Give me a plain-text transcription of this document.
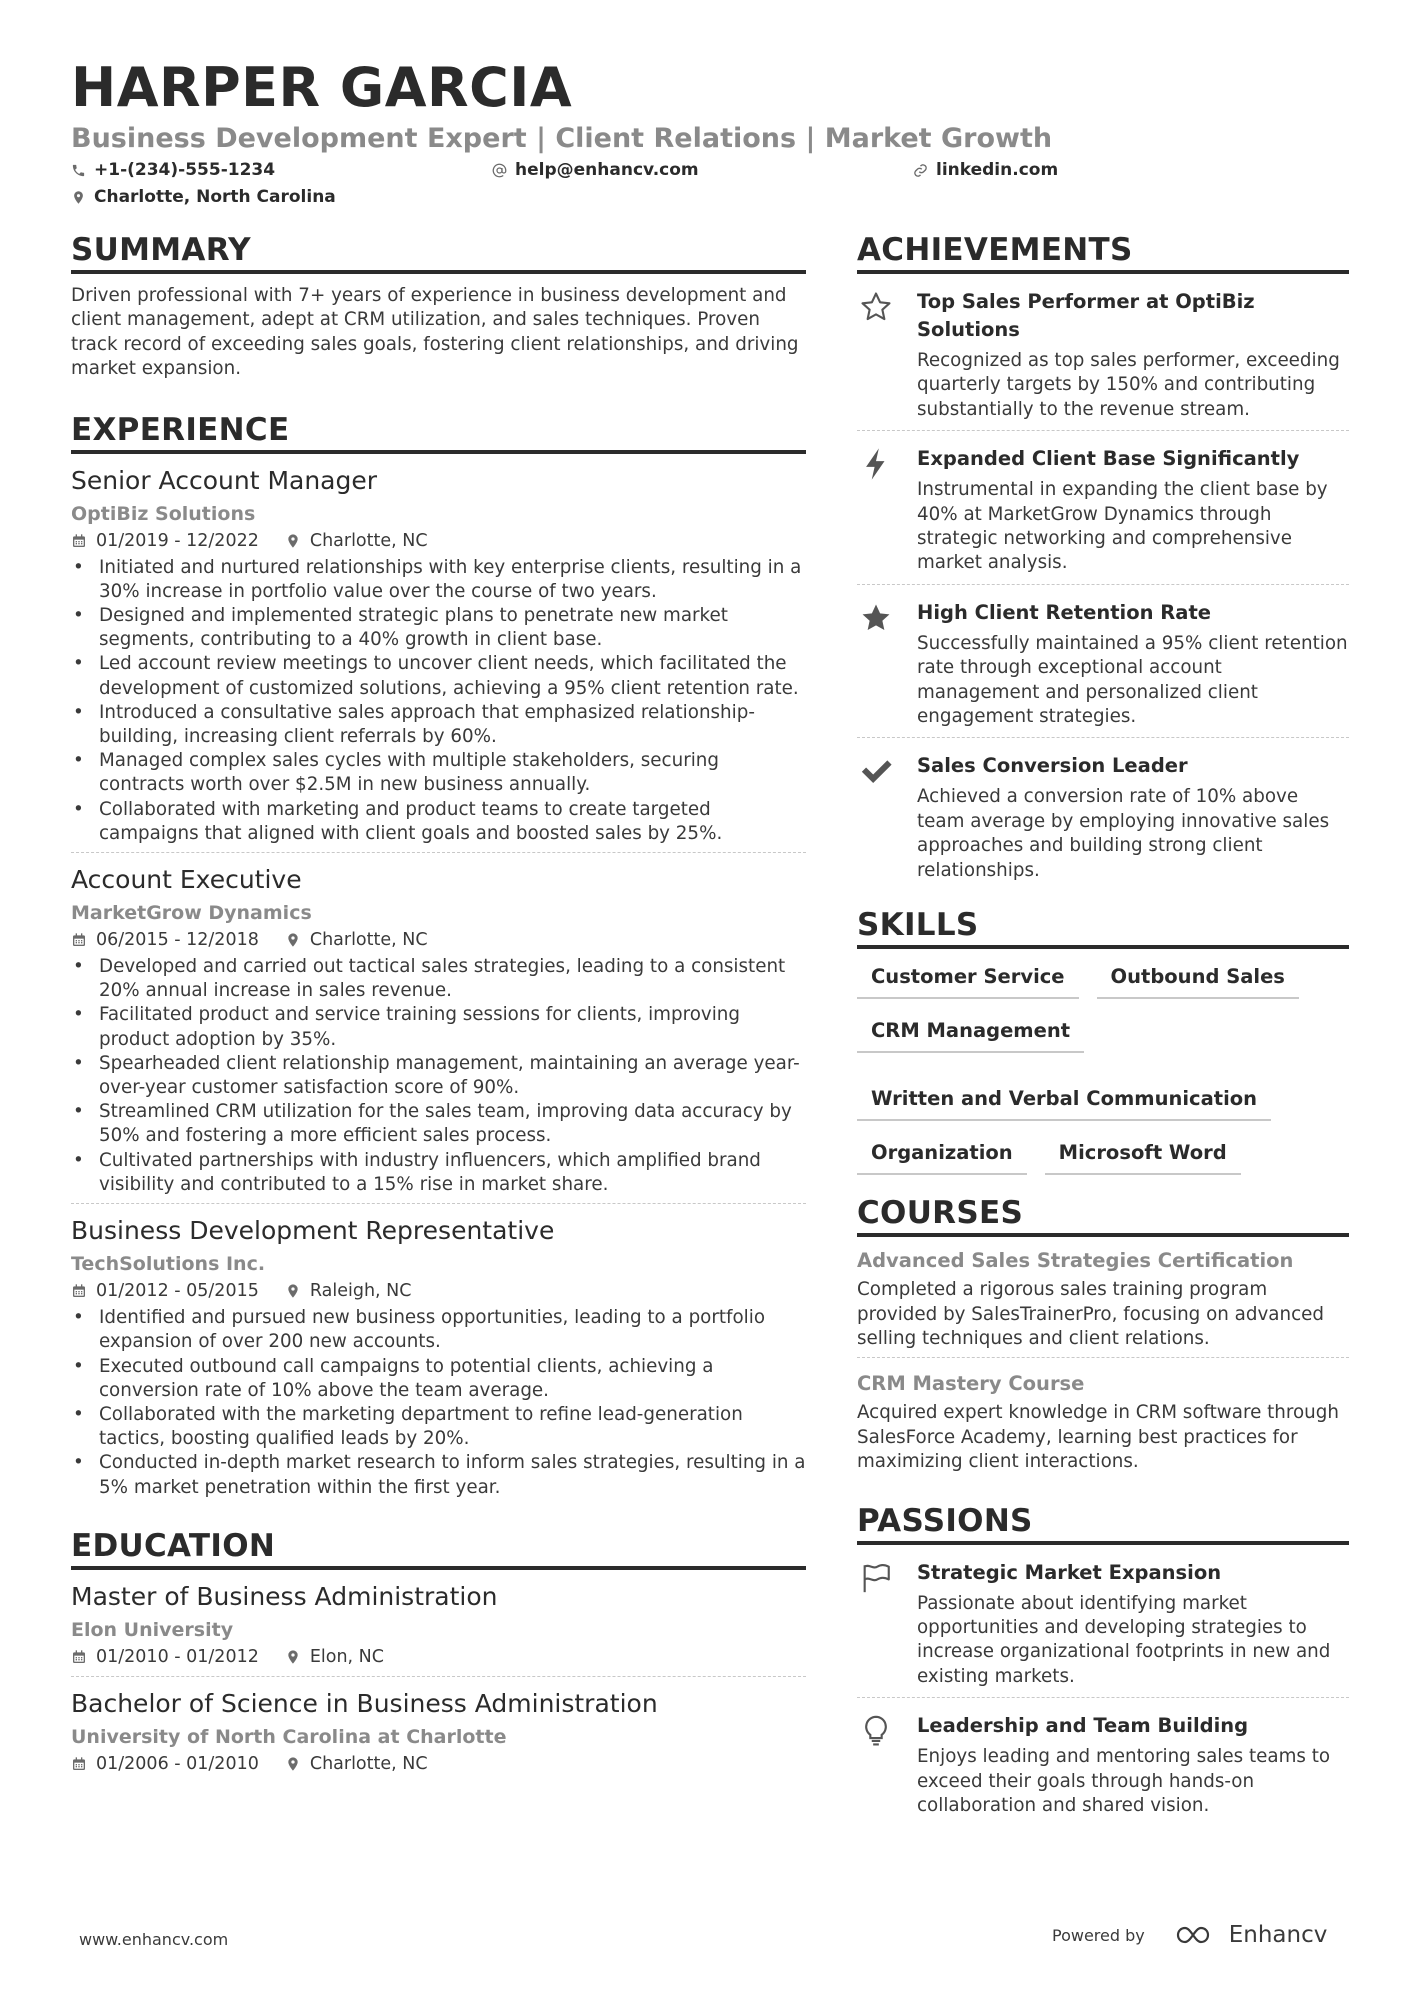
HARPER GARCIA
Business Development Expert | Client Relations | Market Growth
+1-(234)-555-1234	help@enhancv.com	linkedin.com
Charlotte, North Carolina
SUMMARY
Driven professional with 7+ years of experience in business development and client management, adept at CRM utilization, and sales techniques. Proven track record of exceeding sales goals, fostering client relationships, and driving market expansion.
EXPERIENCE
Senior Account Manager
OptiBiz Solutions
01/2019 - 12/2022	Charlotte, NC
• Initiated and nurtured relationships with key enterprise clients, resulting in a 30% increase in portfolio value over the course of two years.
• Designed and implemented strategic plans to penetrate new market segments, contributing to a 40% growth in client base.
• Led account review meetings to uncover client needs, which facilitated the development of customized solutions, achieving a 95% client retention rate.
• Introduced a consultative sales approach that emphasized relationship-building, increasing client referrals by 60%.
• Managed complex sales cycles with multiple stakeholders, securing contracts worth over $2.5M in new business annually.
• Collaborated with marketing and product teams to create targeted campaigns that aligned with client goals and boosted sales by 25%.
Account Executive
MarketGrow Dynamics
06/2015 - 12/2018	Charlotte, NC
• Developed and carried out tactical sales strategies, leading to a consistent 20% annual increase in sales revenue.
• Facilitated product and service training sessions for clients, improving product adoption by 35%.
• Spearheaded client relationship management, maintaining an average year-over-year customer satisfaction score of 90%.
• Streamlined CRM utilization for the sales team, improving data accuracy by 50% and fostering a more efficient sales process.
• Cultivated partnerships with industry influencers, which amplified brand visibility and contributed to a 15% rise in market share.
Business Development Representative
TechSolutions Inc.
01/2012 - 05/2015	Raleigh, NC
• Identified and pursued new business opportunities, leading to a portfolio expansion of over 200 new accounts.
• Executed outbound call campaigns to potential clients, achieving a conversion rate of 10% above the team average.
• Collaborated with the marketing department to refine lead-generation tactics, boosting qualified leads by 20%.
• Conducted in-depth market research to inform sales strategies, resulting in a 5% market penetration within the first year.
EDUCATION
Master of Business Administration
Elon University
01/2010 - 01/2012	Elon, NC
Bachelor of Science in Business Administration
University of North Carolina at Charlotte
01/2006 - 01/2010	Charlotte, NC
ACHIEVEMENTS
Top Sales Performer at OptiBiz Solutions
Recognized as top sales performer, exceeding quarterly targets by 150% and contributing substantially to the revenue stream.
Expanded Client Base Significantly
Instrumental in expanding the client base by 40% at MarketGrow Dynamics through strategic networking and comprehensive market analysis.
High Client Retention Rate
Successfully maintained a 95% client retention rate through exceptional account management and personalized client engagement strategies.
Sales Conversion Leader
Achieved a conversion rate of 10% above team average by employing innovative sales approaches and building strong client relationships.
SKILLS
Customer Service	Outbound Sales
CRM Management
Written and Verbal Communication
Organization	Microsoft Word
COURSES
Advanced Sales Strategies Certification
Completed a rigorous sales training program provided by SalesTrainerPro, focusing on advanced selling techniques and client relations.
CRM Mastery Course
Acquired expert knowledge in CRM software through SalesForce Academy, learning best practices for maximizing client interactions.
PASSIONS
Strategic Market Expansion
Passionate about identifying market opportunities and developing strategies to increase organizational footprints in new and existing markets.
Leadership and Team Building
Enjoys leading and mentoring sales teams to exceed their goals through hands-on collaboration and shared vision.
www.enhancv.com	Powered by	Enhancv
